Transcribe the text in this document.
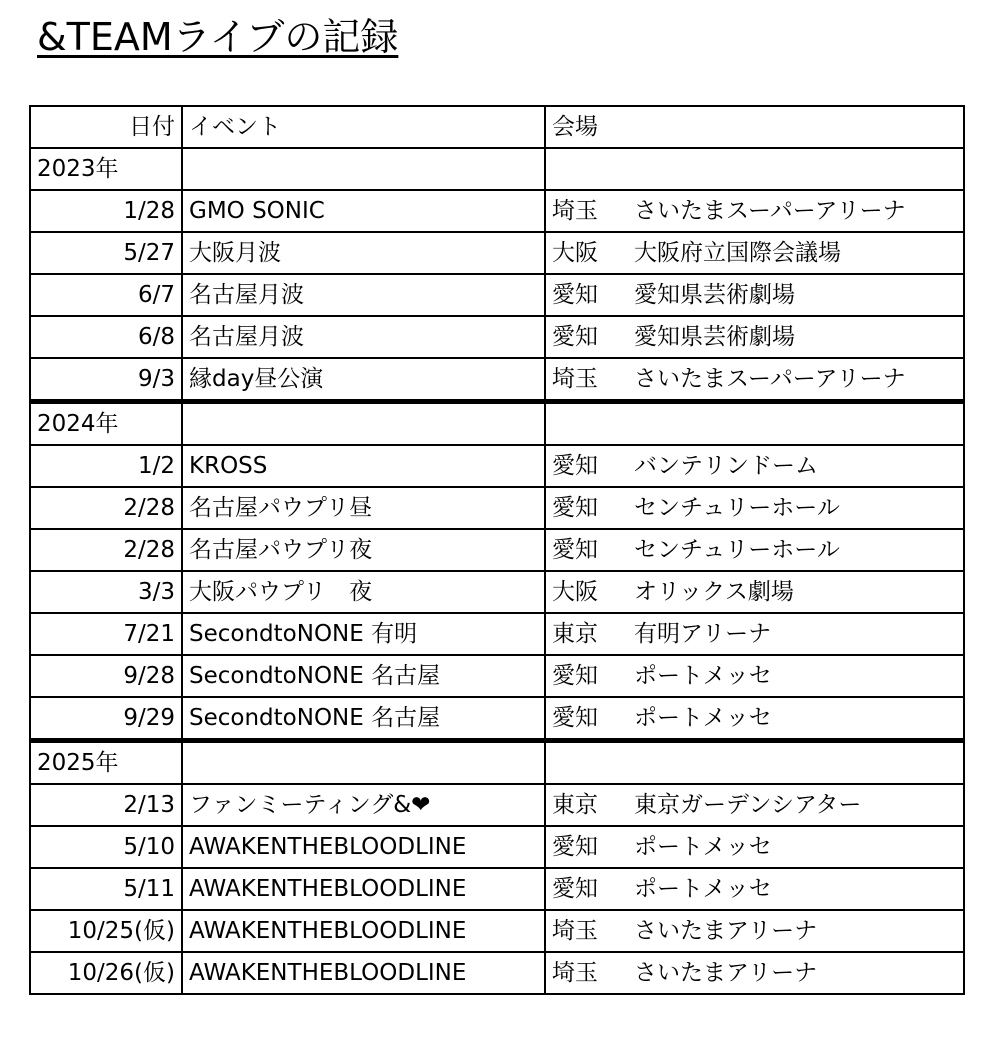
&TEAMライブの記録
日付	イベント	会場
2023年		
1/28	GMO SONIC	埼玉 さいたまスーパーアリーナ
5/27	大阪月波	大阪 大阪府立国際会議場
6/7	名古屋月波	愛知 愛知県芸術劇場
6/8	名古屋月波	愛知 愛知県芸術劇場
9/3	縁day昼公演	埼玉 さいたまスーパーアリーナ
2024年		
1/2	KROSS	愛知 バンテリンドーム
2/28	名古屋パウプリ昼	愛知 センチュリーホール
2/28	名古屋パウプリ夜	愛知 センチュリーホール
3/3	大阪パウプリ　夜	大阪 オリックス劇場
7/21	SecondtoNONE 有明	東京 有明アリーナ
9/28	SecondtoNONE 名古屋	愛知 ポートメッセ
9/29	SecondtoNONE 名古屋	愛知 ポートメッセ
2025年		
2/13	ファンミーティング&❤	東京 東京ガーデンシアター
5/10	AWAKENTHEBLOODLINE	愛知 ポートメッセ
5/11	AWAKENTHEBLOODLINE	愛知 ポートメッセ
10/25(仮)	AWAKENTHEBLOODLINE	埼玉 さいたまアリーナ
10/26(仮)	AWAKENTHEBLOODLINE	埼玉 さいたまアリーナ
